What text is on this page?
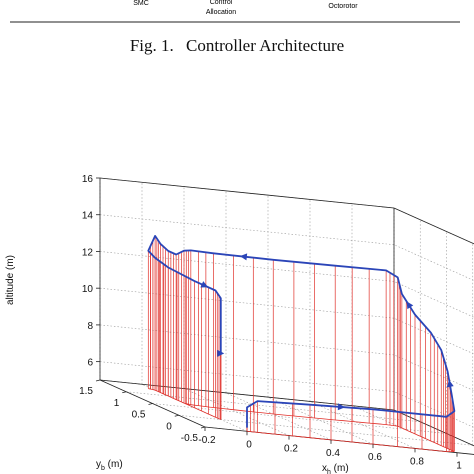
SMC	Control
Allocation
Octorotor
Fig. 1. Controller Architecture
-0.2	0	0.2	0.4	0.6	0.8	1
-0.5
0
0.5
1
1.5
6
8
10
12
14
16
$x_h$ (m)
$y_b$ (m)
altitude (m)
